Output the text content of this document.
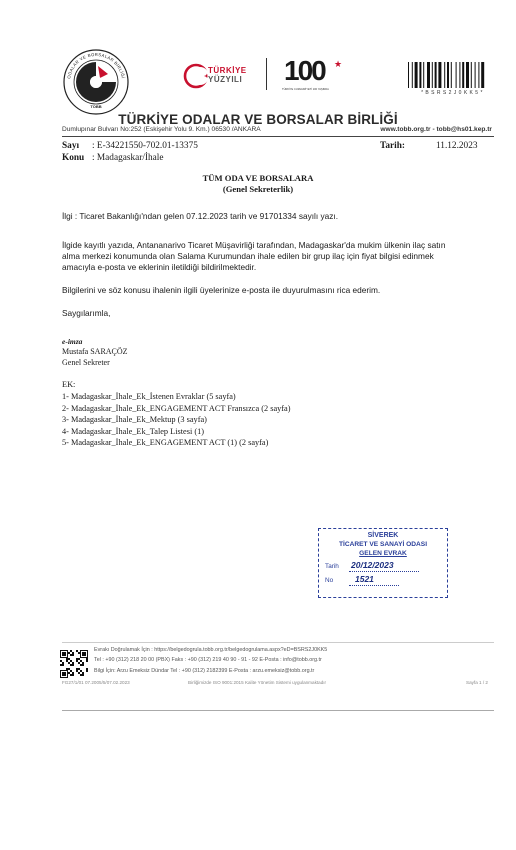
TOBB
ODALAR VE BORSALAR BİRLİĞİ
TÜRKİYE
YÜZYILI 100 ★
TÜRKİYE CUMHURİYETİ 100 YAŞINDA
* B S R S 2 J 0 K K 5 *
TÜRKİYE ODALAR VE BORSALAR BİRLİĞİ
Dumlupınar Bulvarı No:252 (Eskişehir Yolu 9. Km.) 06530 /ANKARA	www.tobb.org.tr - tobb@hs01.kep.tr
Sayı : E-34221550-702.01-13375
Konu : Madagaskar/İhale
Tarih:	11.12.2023
TÜM ODA VE BORSALARA
(Genel Sekreterlik)
İlgi : Ticaret Bakanlığı'ndan gelen 07.12.2023 tarih ve 91701334 sayılı yazı.
İlgide kayıtlı yazıda, Antananarivo Ticaret Müşavirliği tarafından, Madagaskar'da mukim ülkenin ilaç satın
alma merkezi konumunda olan Salama Kurumundan ihale edilen bir grup ilaç için fiyat bilgisi edinmek
amacıyla e-posta ve eklerinin iletildiği bildirilmektedir.
Bilgilerini ve söz konusu ihalenin ilgili üyelerinize e-posta ile duyurulmasını rica ederim.
Saygılarımla,
e-imza
Mustafa SARAÇÖZ
Genel Sekreter
EK:
1- Madagaskar_İhale_Ek_İstenen Evraklar (5 sayfa)
2- Madagaskar_İhale_Ek_ENGAGEMENT ACT Fransızca (2 sayfa)
3- Madagaskar_İhale_Ek_Mektup (3 sayfa)
4- Madagaskar_İhale_Ek_Talep Listesi (1)
5- Madagaskar_İhale_Ek_ENGAGEMENT ACT (1) (2 sayfa)
SİVEREK
TİCARET VE SANAYİ ODASI
GELEN EVRAK
Tarih 20/12/2023
No	1521
Evrakı Doğrulamak İçin : https://belgedogrula.tobb.org.tr/belgedogrulama.aspx?eD=BSRS2J0KK5
Tel : +90 (312) 218 20 00 (PBX) Faks : +90 (312) 219 40 90 - 91 - 92 E-Posta : info@tobb.org.tr
Bilgi İçin: Arzu Emeksiz Dündar Tel : +90 (312) 2182399 E-Posta : arzu.emeksiz@tobb.org.tr
FG27/1/01 07.2005/5/07.02.2023	Birliğimizde ISO 9001:2015 Kalite Yönetim Sistemi uygulanmaktadır	Sayfa 1 / 2
